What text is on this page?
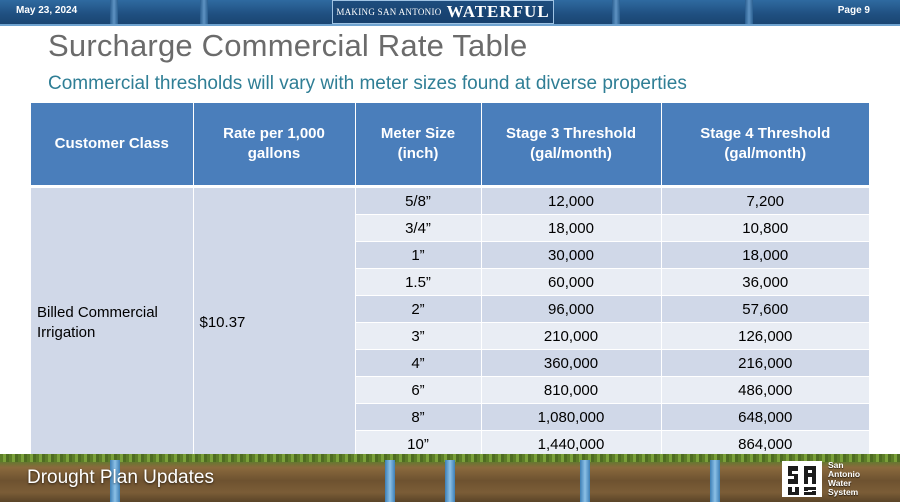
May 23, 2024	MAKING SAN ANTONIO WATERFUL	Page 9
Surcharge Commercial Rate Table
Commercial thresholds will vary with meter sizes found at diverse properties
Customer Class	Rate per 1,000 gallons	Meter Size (inch)	Stage 3 Threshold (gal/month)	Stage 4 Threshold (gal/month)
Billed Commercial Irrigation	$10.37	5/8”	12,000	7,200
		3/4”	18,000	10,800
		1”	30,000	18,000
		1.5”	60,000	36,000
		2”	96,000	57,600
		3”	210,000	126,000
		4”	360,000	216,000
		6”	810,000	486,000
		8”	1,080,000	648,000
		10”	1,440,000	864,000
Drought Plan Updates
San
Antonio
Water
System
